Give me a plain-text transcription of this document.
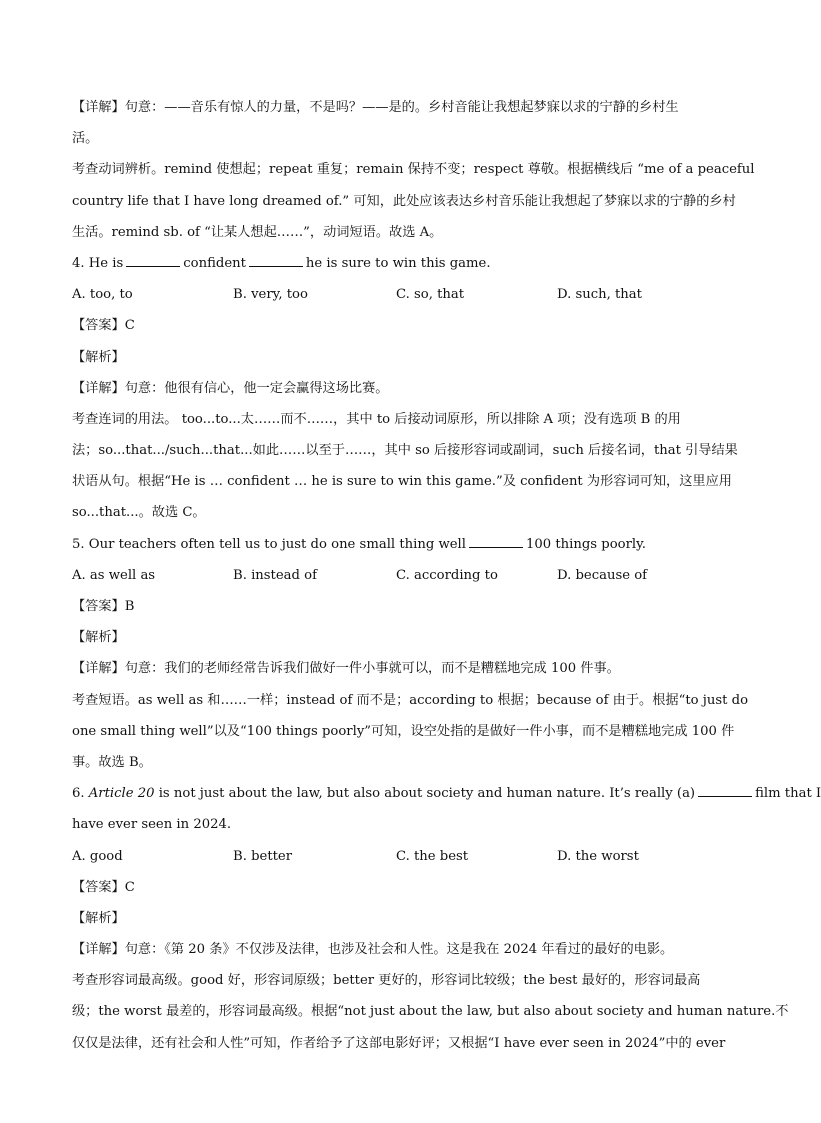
【详解】句意：——音乐有惊人的力量，不是吗？——是的。乡村音能让我想起梦寐以求的宁静的乡村生
活。
考查动词辨析。remind 使想起；repeat 重复；remain 保持不变；respect 尊敬。根据横线后 “me of a peaceful
country life that I have long dreamed of.” 可知，此处应该表达乡村音乐能让我想起了梦寐以求的宁静的乡村
生活。remind sb. of “让某人想起……”，动词短语。故选 A。
4. He is	confident	he is sure to win this game.
A. too, to	B. very, too	C. so, that	D. such, that
【答案】C
【解析】
【详解】句意：他很有信心，他一定会赢得这场比赛。
考查连词的用法。 too...to...太……而不……，其中 to 后接动词原形，所以排除 A 项；没有选项 B 的用
法；so...that.../such...that...如此……以至于……，其中 so 后接形容词或副词，such 后接名词，that 引导结果
状语从句。根据“He is … confident … he is sure to win this game.”及 confident 为形容词可知，这里应用
so...that...。故选 C。
5. Our teachers often tell us to just do one small thing well	100 things poorly.
A. as well as	B. instead of	C. according to	D. because of
【答案】B
【解析】
【详解】句意：我们的老师经常告诉我们做好一件小事就可以，而不是糟糕地完成 100 件事。
考查短语。as well as 和……一样；instead of 而不是；according to 根据；because of 由于。根据“to just do
one small thing well”以及“100 things poorly”可知，设空处指的是做好一件小事，而不是糟糕地完成 100 件
事。故选 B。
6. Article 20 is not just about the law, but also about society and human nature. It’s really (a)	film that I
have ever seen in 2024.
A. good	B. better	C. the best	D. the worst
【答案】C
【解析】
【详解】句意：《第 20 条》不仅涉及法律，也涉及社会和人性。这是我在 2024 年看过的最好的电影。
考查形容词最高级。good 好，形容词原级；better 更好的，形容词比较级；the best 最好的，形容词最高
级；the worst 最差的，形容词最高级。根据“not just about the law, but also about society and human nature.不
仅仅是法律，还有社会和人性”可知，作者给予了这部电影好评；又根据“I have ever seen in 2024”中的 ever
